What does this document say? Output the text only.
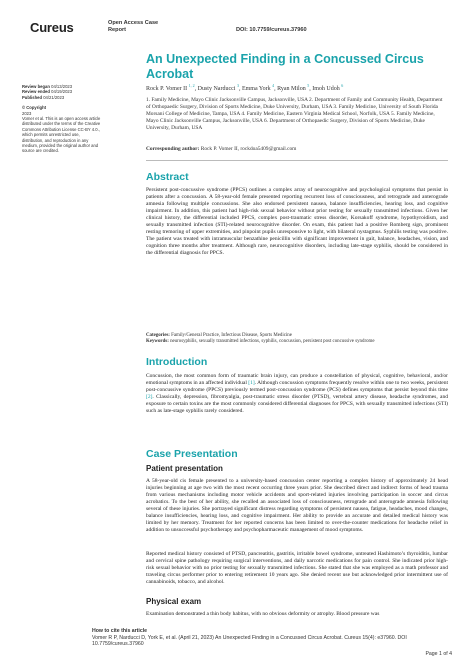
Cureus	Open Access Case
Report	DOI: 10.7759/cureus.37960
Review began 04/13/2023
Review ended 04/19/2023
Published 04/21/2023
© Copyright
2023
Vomer et al. This is an open access article distributed under the terms of the Creative Commons Attribution License CC-BY 4.0., which permits unrestricted use, distribution, and reproduction in any medium, provided the original author and source are credited.
An Unexpected Finding in a Concussed Circus Acrobat
Rock P. Vomer II $^{1, 2}$, Dusty Narducci $^3$, Emma York $^4$, Ryan Milon $^5$, Imoh Udoh $^6$
1. Family Medicine, Mayo Clinic Jacksonville Campus, Jacksonville, USA 2. Department of Family and Community Health, Department of Orthopaedic Surgery, Division of Sports Medicine, Duke University, Durham, USA 3. Family Medicine, University of South Florida Morsani College of Medicine, Tampa, USA 4. Family Medicine, Eastern Virginia Medical School, Norfolk, USA 5. Family Medicine, Mayo Clinic Jacksonville Campus, Jacksonville, USA 6. Department of Orthopaedic Surgery, Division of Sports Medicine, Duke University, Durham, USA
Corresponding author: Rock P. Vomer II, rockdoa5409@gmail.com
Abstract

Persistent post-concussive syndrome (PPCS) outlines a complex array of neurocognitive and psychological symptoms that persist in patients after a concussion. A 58-year-old female presented reporting recurrent loss of consciousness, and retrograde and anterograde amnesia following multiple concussions. She also endorsed persistent nausea, balance insufficiencies, hearing loss, and cognitive impairment. In addition, this patient had high-risk sexual behavior without prior testing for sexually transmitted infections. Given her clinical history, the differential included PPCS, complex post-traumatic stress disorder, Korsakoff syndrome, hypothyroidism, and sexually transmitted infection (STI)-related neurocognitive disorder. On exam, this patient had a positive Romberg sign, prominent resting tremoring of upper extremities, and pinpoint pupils unresponsive to light, with bilateral nystagmus. Syphilis testing was positive. The patient was treated with intramuscular benzathine penicillin with significant improvement in gait, balance, headaches, vision, and cognition three months after treatment. Although rare, neurocognitive disorders, including late-stage syphilis, should be considered in the differential diagnosis for PPCS.

Categories: Family/General Practice, Infectious Disease, Sports Medicine
Keywords: neurosyphilis, sexually transmitted infections, syphilis, concussion, persistent post concussive syndrome
Introduction

Concussion, the most common form of traumatic brain injury, can produce a constellation of physical, cognitive, behavioral, and/or emotional symptoms in an affected individual [1]. Although concussion symptoms frequently resolve within one to two weeks, persistent post-concussive syndrome (PPCS) previously termed post-concussion syndrome (PCS) defines symptoms that persist beyond this time [2]. Classically, depression, fibromyalgia, post-traumatic stress disorder (PTSD), vertebral artery disease, headache syndromes, and exposure to certain toxins are the most commonly considered differential diagnoses for PPCS, with sexually transmitted infections (STI) such as late-stage syphilis rarely considered.

Case Presentation
Patient presentation

A 58-year-old cis female presented to a university-based concussion center reporting a complex history of approximately 24 head injuries beginning at age two with the most recent occurring three years prior. She described direct and indirect forms of head trauma from various mechanisms including motor vehicle accidents and sport-related injuries involving participation in soccer and circus acrobatics. To the best of her ability, she recalled an associated loss of consciousness, retrograde and anterograde amnesia following several of these injuries. She portrayed significant distress regarding symptoms of persistent nausea, fatigue, headaches, mood changes, balance insufficiencies, hearing loss, and cognitive impairment. Her ability to provide an accurate and detailed medical history was limited by her memory. Treatment for her reported concerns has been limited to over-the-counter medications for headache relief in addition to unsuccessful psychotherapy and psychopharmaceutic management of mood symptoms.

Reported medical history consisted of PTSD, pancreatitis, gastritis, irritable bowel syndrome, untreated Hashimoto’s thyroiditis, lumbar and cervical spine pathology requiring surgical interventions, and daily narcotic medications for pain control. She indicated prior high-risk sexual behavior with no prior testing for sexually transmitted infections. She stated that she was employed as a math professor and traveling circus performer prior to entering retirement 10 years ago. She denied recent use but acknowledged prior intermittent use of cannabinoids, tobacco, and alcohol.

Physical exam

Examination demonstrated a thin body habitus, with no obvious deformity or atrophy. Blood pressure was

How to cite this article
Vomer R P, Narducci D, York E, et al. (April 21, 2023) An Unexpected Finding in a Concussed Circus Acrobat. Cureus 15(4): e37960. DOI 10.7759/cureus.37960
Page 1 of 4
